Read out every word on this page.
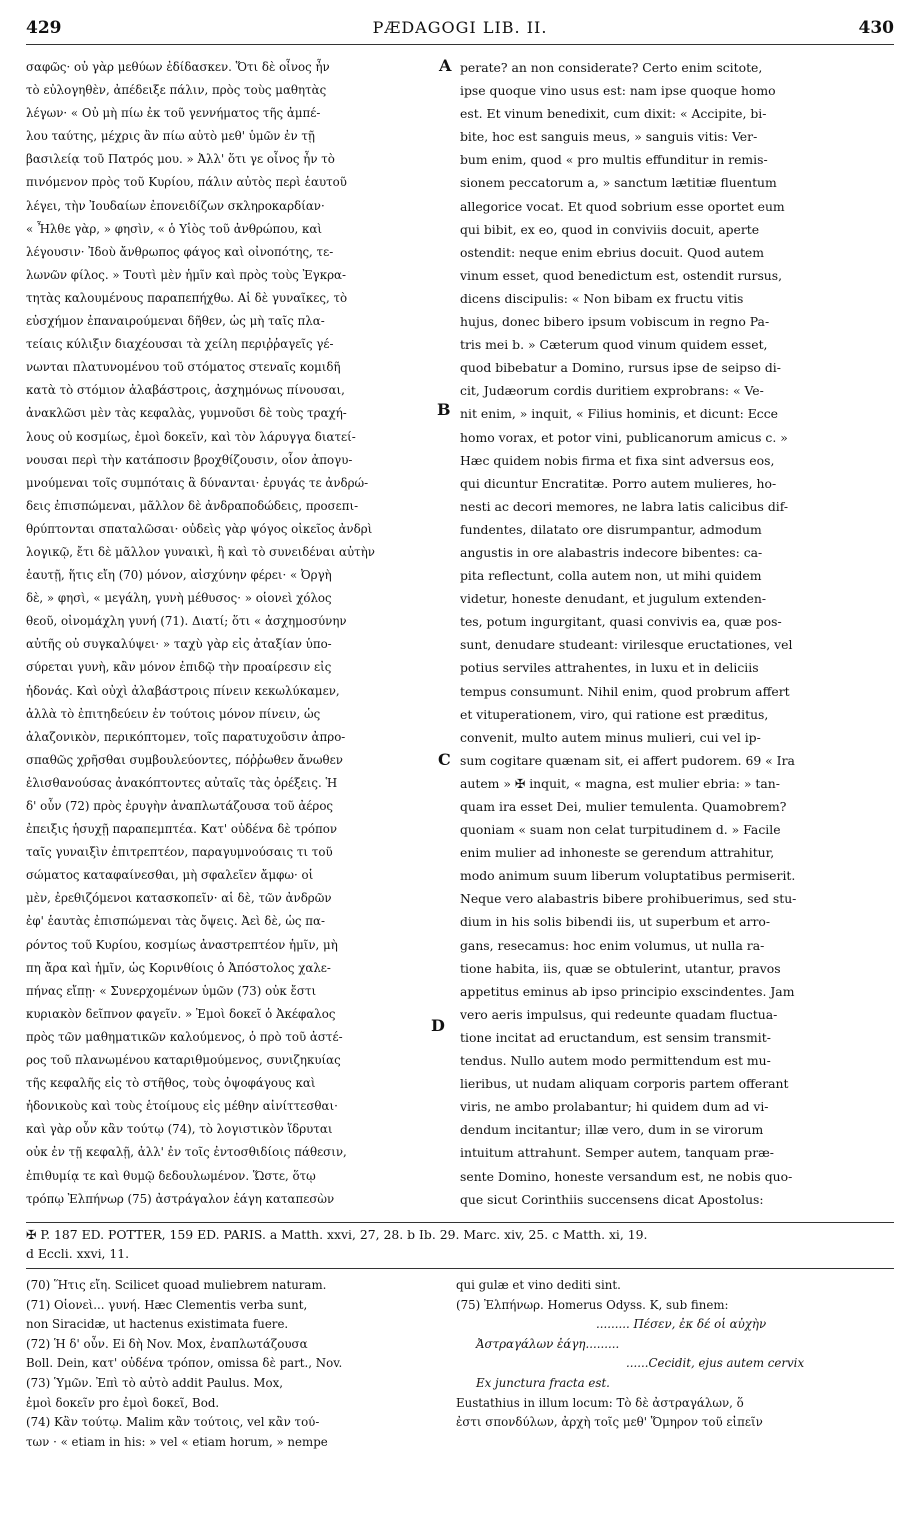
429	PÆDAGOGI LIB. II.	430
σαφῶς· οὐ γὰρ μεθύων ἐδίδασκεν. Ὅτι δὲ οἶνος ἦν
τὸ εὐλογηθὲν, ἀπέδειξε πάλιν, πρὸς τοὺς μαθητὰς
λέγων· « Οὐ μὴ πίω ἐκ τοῦ γεννήματος τῆς ἀμπέ-
λου ταύτης, μέχρις ἂν πίω αὐτὸ μεθ' ὑμῶν ἐν τῇ
βασιλείᾳ τοῦ Πατρός μου. » Ἀλλ' ὅτι γε οἶνος ἦν τὸ
πινόμενον πρὸς τοῦ Κυρίου, πάλιν αὐτὸς περὶ ἑαυτοῦ
λέγει, τὴν Ἰουδαίων ἐπονειδίζων σκληροκαρδίαν·
« Ἦλθε γὰρ, » φησὶν, « ὁ Υἱὸς τοῦ ἀνθρώπου, καὶ
λέγουσιν· Ἰδοὺ ἄνθρωπος φάγος καὶ οἰνοπότης, τε-
λωνῶν φίλος. » Τουτὶ μὲν ἡμῖν καὶ πρὸς τοὺς Ἐγκρα-
τητὰς καλουμένους παραπεπήχθω. Αἱ δὲ γυναῖκες, τὸ
εὐσχήμον ἐπαναιρούμεναι δῆθεν, ὡς μὴ ταῖς πλα-
τείαις κύλιξιν διαχέουσαι τὰ χείλη περιῤῥαγεῖς γέ-
νωνται πλατυνομένου τοῦ στόματος στεναῖς κομιδῆ
κατὰ τὸ στόμιον ἀλαβάστροις, ἀσχημόνως πίνουσαι,
ἀνακλῶσι μὲν τὰς κεφαλὰς, γυμνοῦσι δὲ τοὺς τραχή-
λους οὐ κοσμίως, ἐμοὶ δοκεῖν, καὶ τὸν λάρυγγα διατεί-
νουσαι περὶ τὴν κατάποσιν βροχθίζουσιν, οἷον ἀπογυ-
μνούμεναι τοῖς συμπόταις ἃ δύνανται· ἐρυγάς τε ἀνδρώ-
δεις ἐπισπώμεναι, μᾶλλον δὲ ἀνδραποδώδεις, προσεπι-
θρύπτονται σπαταλῶσαι· οὐδεὶς γὰρ ψόγος οἰκεῖος ἀνδρὶ
λογικῷ, ἔτι δὲ μᾶλλον γυναικὶ, ἣ καὶ τὸ συνειδέναι αὐτὴν
ἑαυτῇ, ἥτις εἴη (70) μόνον, αἰσχύνην φέρει· « Ὀργὴ
δὲ, » φησὶ, « μεγάλη, γυνὴ μέθυσος· » οἱονεὶ χόλος
θεοῦ, οἰνομάχλη γυνή (71). Διατί; ὅτι « ἀσχημοσύνην
αὐτῆς οὐ συγκαλύψει· » ταχὺ γὰρ εἰς ἀταξίαν ὑπο-
σύρεται γυνὴ, κἂν μόνον ἐπιδῷ τὴν προαίρεσιν εἰς
ἡδονάς. Καὶ οὐχὶ ἀλαβάστροις πίνειν κεκωλύκαμεν,
ἀλλὰ τὸ ἐπιτηδεύειν ἐν τούτοις μόνον πίνειν, ὡς
ἀλαζονικὸν, περικόπτομεν, τοῖς παρατυχοῦσιν ἀπρο-
σπαθῶς χρῆσθαι συμβουλεύοντες, πόῤῥωθεν ἄνωθεν
ἐλισθανούσας ἀνακόπτοντες αὐταῖς τὰς ὀρέξεις. Ἡ
δ' οὖν (72) πρὸς ἐρυγὴν ἀναπλωτάζουσα τοῦ ἀέρος
ἐπειξις ἡσυχῇ παραπεμπτέα. Κατ' οὐδένα δὲ τρόπον
ταῖς γυναιξὶν ἐπιτρεπτέον, παραγυμνούσαις τι τοῦ
σώματος καταφαίνεσθαι, μὴ σφαλεῖεν ἄμφω· οἱ
μὲν, ἐρεθιζόμενοι κατασκοπεῖν· αἱ δὲ, τῶν ἀνδρῶν
ἐφ' ἑαυτὰς ἐπισπώμεναι τὰς ὄψεις. Ἀεὶ δὲ, ὡς πα-
ρόντος τοῦ Κυρίου, κοσμίως ἀναστρεπτέον ἡμῖν, μὴ
πη ἄρα καὶ ἡμῖν, ὡς Κορινθίοις ὁ Ἀπόστολος χαλε-
πήνας εἴπῃ· « Συνερχομένων ὑμῶν (73) οὐκ ἔστι
κυριακὸν δεῖπνον φαγεῖν. » Ἐμοὶ δοκεῖ ὁ Ἀκέφαλος
πρὸς τῶν μαθηματικῶν καλούμενος, ὁ πρὸ τοῦ ἀστέ-
ρος τοῦ πλανωμένου καταριθμούμενος, συνιζηκυίας
τῆς κεφαλῆς εἰς τὸ στῆθος, τοὺς ὀψοφάγους καὶ
ἡδονικοὺς καὶ τοὺς ἑτοίμους εἰς μέθην αἰνίττεσθαι·
καὶ γὰρ οὖν κἂν τούτῳ (74), τὸ λογιστικὸν ἵδρυται
οὐκ ἐν τῇ κεφαλῇ, ἀλλ' ἐν τοῖς ἐντοσθιδίοις πάθεσιν,
ἐπιθυμίᾳ τε καὶ θυμῷ δεδουλωμένον. Ὥστε, ὅτῳ
τρόπῳ Ἐλπήνωρ (75) ἀστράγαλον ἐάγη καταπεσὼν
perate? an non consideratе? Certo enim scitote,
ipse quoque vino usus est: nam ipse quoque homo
est. Et vinum benedixit, cum dixit: « Accipite, bi-
bite, hoc est sanguis meus, » sanguis vitis: Ver-
bum enim, quod « pro multis effunditur in remis-
sionem peccatorum a, » sanctum lætitiæ fluentum
allegorice vocat. Et quod sobrium esse oportet eum
qui bibit, ex eo, quod in conviviis docuit, aperte
ostendit: neque enim ebrius docuit. Quod autem
vinum esset, quod benedictum est, ostendit rursus,
dicens discipulis: « Non bibam ex fructu vitis
hujus, donec bibero ipsum vobiscum in regno Pa-
tris mei b. » Cæterum quod vinum quidem esset,
quod bibebatur a Domino, rursus ipse de seipso di-
cit, Judæorum cordis duritiem exprobrans: « Ve-
nit enim, » inquit, « Filius hominis, et dicunt: Ecce
homo vorax, et potor vini, publicanorum amicus c. »
Hæc quidem nobis firma et fixa sint adversus eos,
qui dicuntur Encratitæ. Porro autem mulieres, ho-
nesti ac decori memores, ne labra latis calicibus dif-
fundentes, dilatato ore disrumpantur, admodum
angustis in ore alabastris indecore bibentes: ca-
pita reflectunt, colla autem non, ut mihi quidem
videtur, honeste denudant, et jugulum extenden-
tes, potum ingurgitant, quasi convivis ea, quæ pos-
sunt, denudare studeant: virilesque eructationes, vel
potius serviles attrahentes, in luxu et in deliciis
tempus consumunt. Nihil enim, quod probrum affert
et vituperationem, viro, qui ratione est præditus,
convenit, multo autem minus mulieri, cui vel ip-
sum cogitare quænam sit, ei affert pudorem. 69 « Ira
autem » ✠ inquit, « magna, est mulier ebria: » tan-
quam ira esset Dei, mulier temulenta. Quamobrem?
quoniam « suam non celat turpitudinem d. » Facile
enim mulier ad inhoneste se gerendum attrahitur,
modo animum suum liberum voluptatibus permiserit.
Neque vero alabastris bibere prohibuerimus, sed stu-
dium in his solis bibendi iis, ut superbum et arro-
gans, resecamus: hoc enim volumus, ut nulla ra-
tione habita, iis, quæ se obtulerint, utantur, pravos
appetitus eminus ab ipso principio exscindentes. Jam
vero aeris impulsus, qui redeunte quadam fluctua-
tione incitat ad eructandum, est sensim transmit-
tendus. Nullo autem modo permittendum est mu-
lieribus, ut nudam aliquam corporis partem offerant
viris, ne ambo prolabantur; hi quidem dum ad vi-
dendum incitantur; illæ vero, dum in se virorum
intuitum attrahunt. Semper autem, tanquam præ-
sente Domino, honeste versandum est, ne nobis quo-
que sicut Corinthiis succensens dicat Apostolus:
A
B
C
D
✠ P. 187 ED. POTTER, 159 ED. PARIS. a Matth. xxvi, 27, 28. b Ib. 29. Marc. xiv, 25. c Matth. xi, 19.
d Eccli. xxvi, 11.
(70) Ἥτις εἴη. Scilicet quoad muliebrem naturam.
(71) Οἱονεὶ... γυνή. Hæc Clementis verba sunt,
non Siracidæ, ut hactenus existimata fuere.
(72) Ἡ δ' οὖν. Ei δὴ Nov. Mox, ἐναπλωτάζουσα
Boll. Dein, κατ' οὐδένα τρόπον, omissa δὲ part., Nov.
(73) Ὑμῶν. Ἐπὶ τὸ αὐτὸ addit Paulus. Mox,
ἐμοὶ δοκεῖν pro ἐμοὶ δοκεῖ, Bod.
(74) Κἂν τούτῳ. Malim κἂν τούτοις, vel κἂν τού-
των · « etiam in his: » vel « etiam horum, » nempe
qui gulæ et vino dediti sint.
(75) Ἐλπήνωρ. Homerus Odyss. K, sub finem:
......... Πέσεν, ἐκ δέ οἱ αὐχὴν
Ἀστραγάλων ἐάγη.........
......Cecidit, ejus autem cervix
Ex junctura fracta est.
Eustathius in illum locum: Τὸ δὲ ἀστραγάλων, ὅ
ἐστι σπονδύλων, ἀρχὴ τοῖς μεθ' Ὅμηρον τοῦ εἰπεῖν
